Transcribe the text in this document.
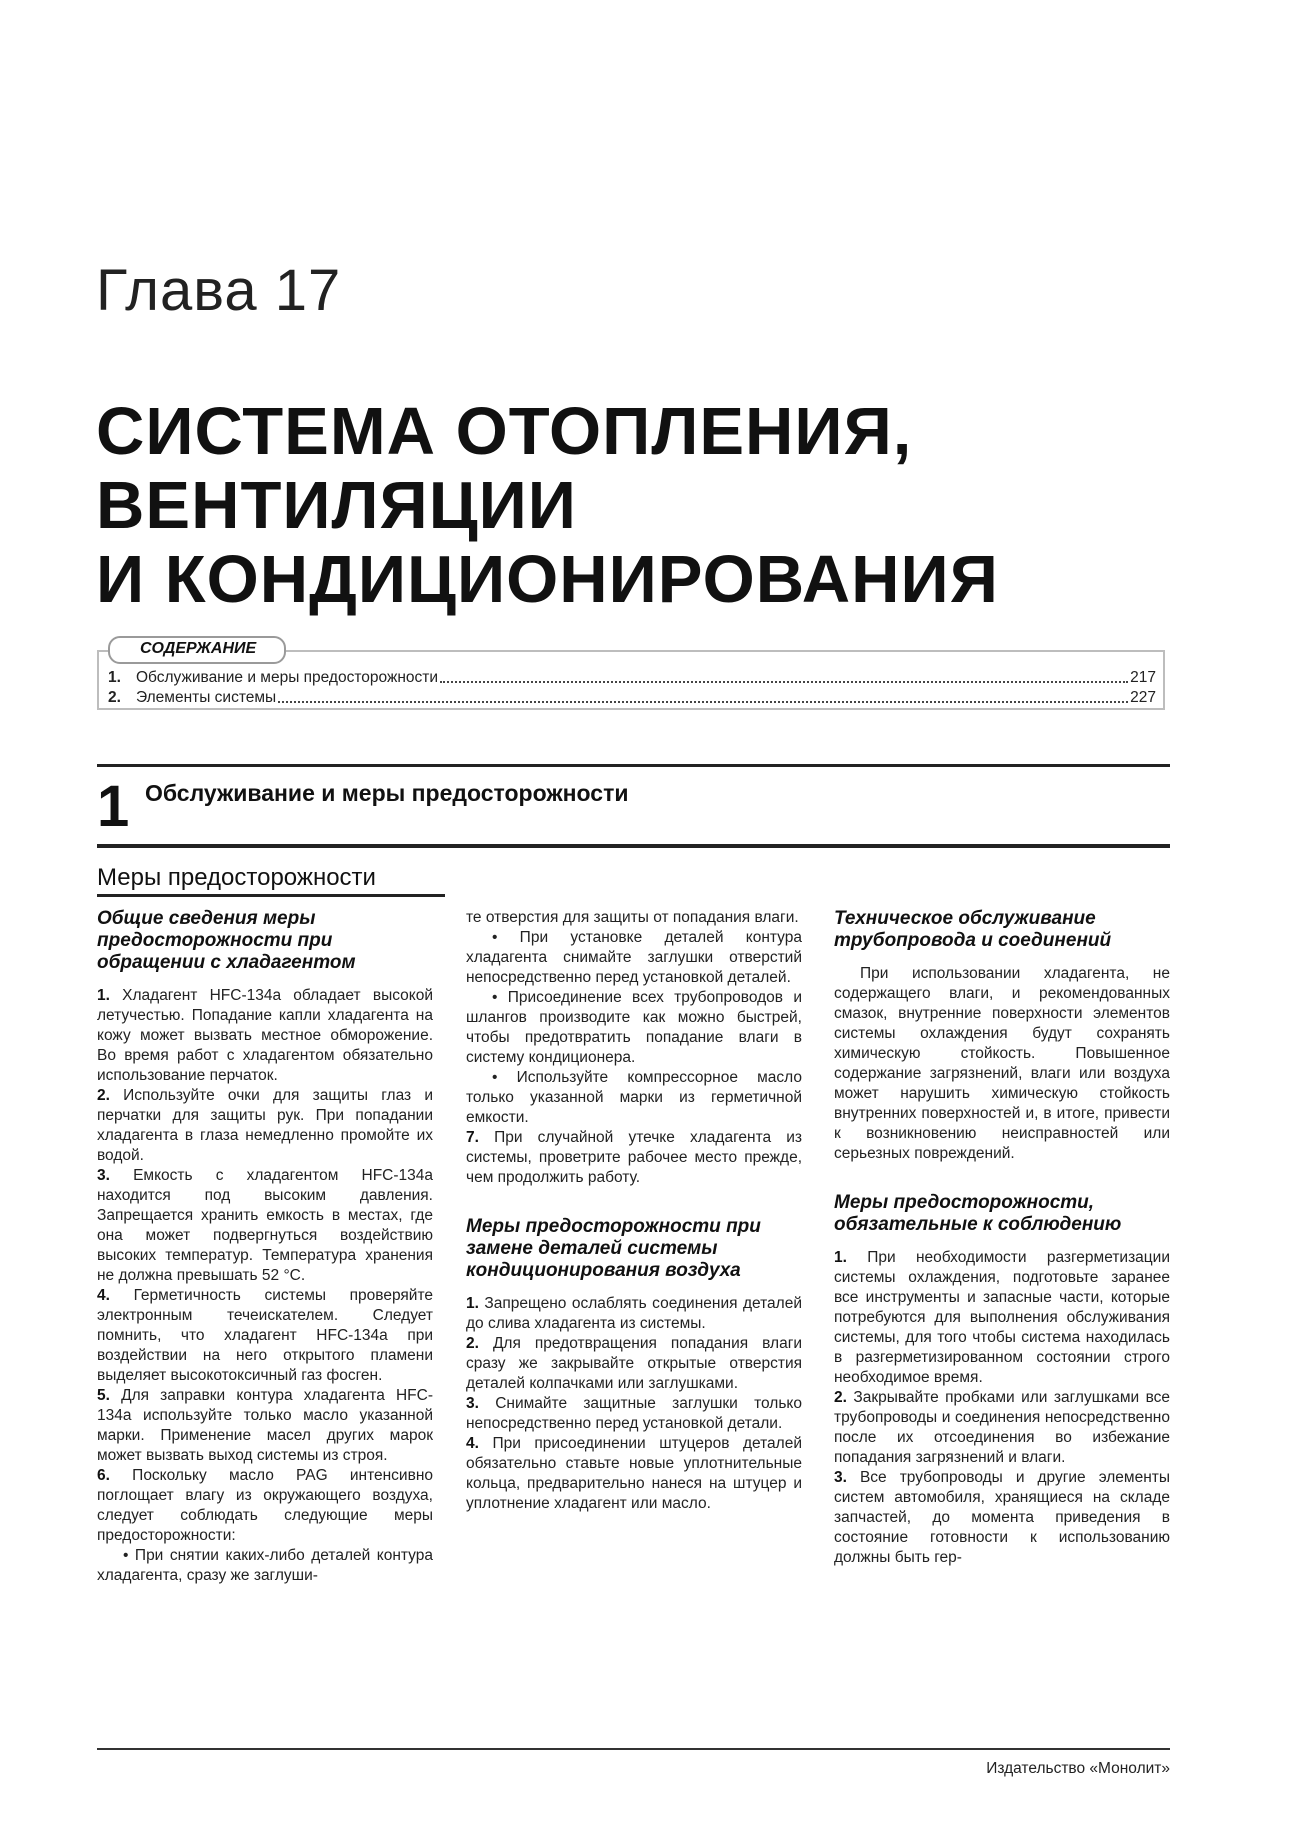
Глава 17
СИСТЕМА ОТОПЛЕНИЯ,
ВЕНТИЛЯЦИИ
И КОНДИЦИОНИРОВАНИЯ
СОДЕРЖАНИЕ
1. Обслуживание и меры предосторожности	217
2. Элементы системы	227
1 Обслуживание и меры предосторожности
Меры предосторожности
Общие сведения меры предосторожности при обращении с хладагентом

1. Хладагент HFC-134a обладает высокой летучестью. Попадание капли хладагента на кожу может вызвать местное обморожение. Во время работ с хладагентом обязательно использование перчаток.

2. Используйте очки для защиты глаз и перчатки для защиты рук. При попадании хладагента в глаза немедленно промойте их водой.

3. Емкость с хладагентом HFC-134a находится под высоким давления. Запрещается хранить емкость в местах, где она может подвергнуться воздействию высоких температур. Температура хранения не должна превышать 52 °С.

4. Герметичность системы проверяйте электронным течеискателем. Следует помнить, что хладагент HFC-134a при воздействии на него открытого пламени выделяет высокотоксичный газ фосген.

5. Для заправки контура хладагента HFC-134a используйте только масло указанной марки. Применение масел других марок может вызвать выход системы из строя.

6. Поскольку масло PAG интенсивно поглощает влагу из окружающего воздуха, следует соблюдать следующие меры предосторожности:

• При снятии каких-либо деталей контура хладагента, сразу же заглуши-

те отверстия для защиты от попадания влаги.

• При установке деталей контура хладагента снимайте заглушки отверстий непосредственно перед установкой деталей.

• Присоединение всех трубопроводов и шлангов производите как можно быстрей, чтобы предотвратить попадание влаги в систему кондиционера.

• Используйте компрессорное масло только указанной марки из герметичной емкости.

7. При случайной утечке хладагента из системы, проветрите рабочее место прежде, чем продолжить работу.

Меры предосторожности при замене деталей системы кондиционирования воздуха

1. Запрещено ослаблять соединения деталей до слива хладагента из системы.

2. Для предотвращения попадания влаги сразу же закрывайте открытые отверстия деталей колпачками или заглушками.

3. Снимайте защитные заглушки только непосредственно перед установкой детали.

4. При присоединении штуцеров деталей обязательно ставьте новые уплотнительные кольца, предварительно нанеся на штуцер и уплотнение хладагент или масло.

Техническое обслуживание трубопровода и соединений

При использовании хладагента, не содержащего влаги, и рекомендованных смазок, внутренние поверхности элементов системы охлаждения будут сохранять химическую стойкость. Повышенное содержание загрязнений, влаги или воздуха может нарушить химическую стойкость внутренних поверхностей и, в итоге, привести к возникновению неисправностей или серьезных повреждений.

Меры предосторожности, обязательные к соблюдению

1. При необходимости разгерметизации системы охлаждения, подготовьте заранее все инструменты и запасные части, которые потребуются для выполнения обслуживания системы, для того чтобы система находилась в разгерметизированном состоянии строго необходимое время.

2. Закрывайте пробками или заглушками все трубопроводы и соединения непосредственно после их отсоединения во избежание попадания загрязнений и влаги.

3. Все трубопроводы и другие элементы систем автомобиля, хранящиеся на складе запчастей, до момента приведения в состояние готовности к использованию должны быть гер-

Издательство «Монолит»
